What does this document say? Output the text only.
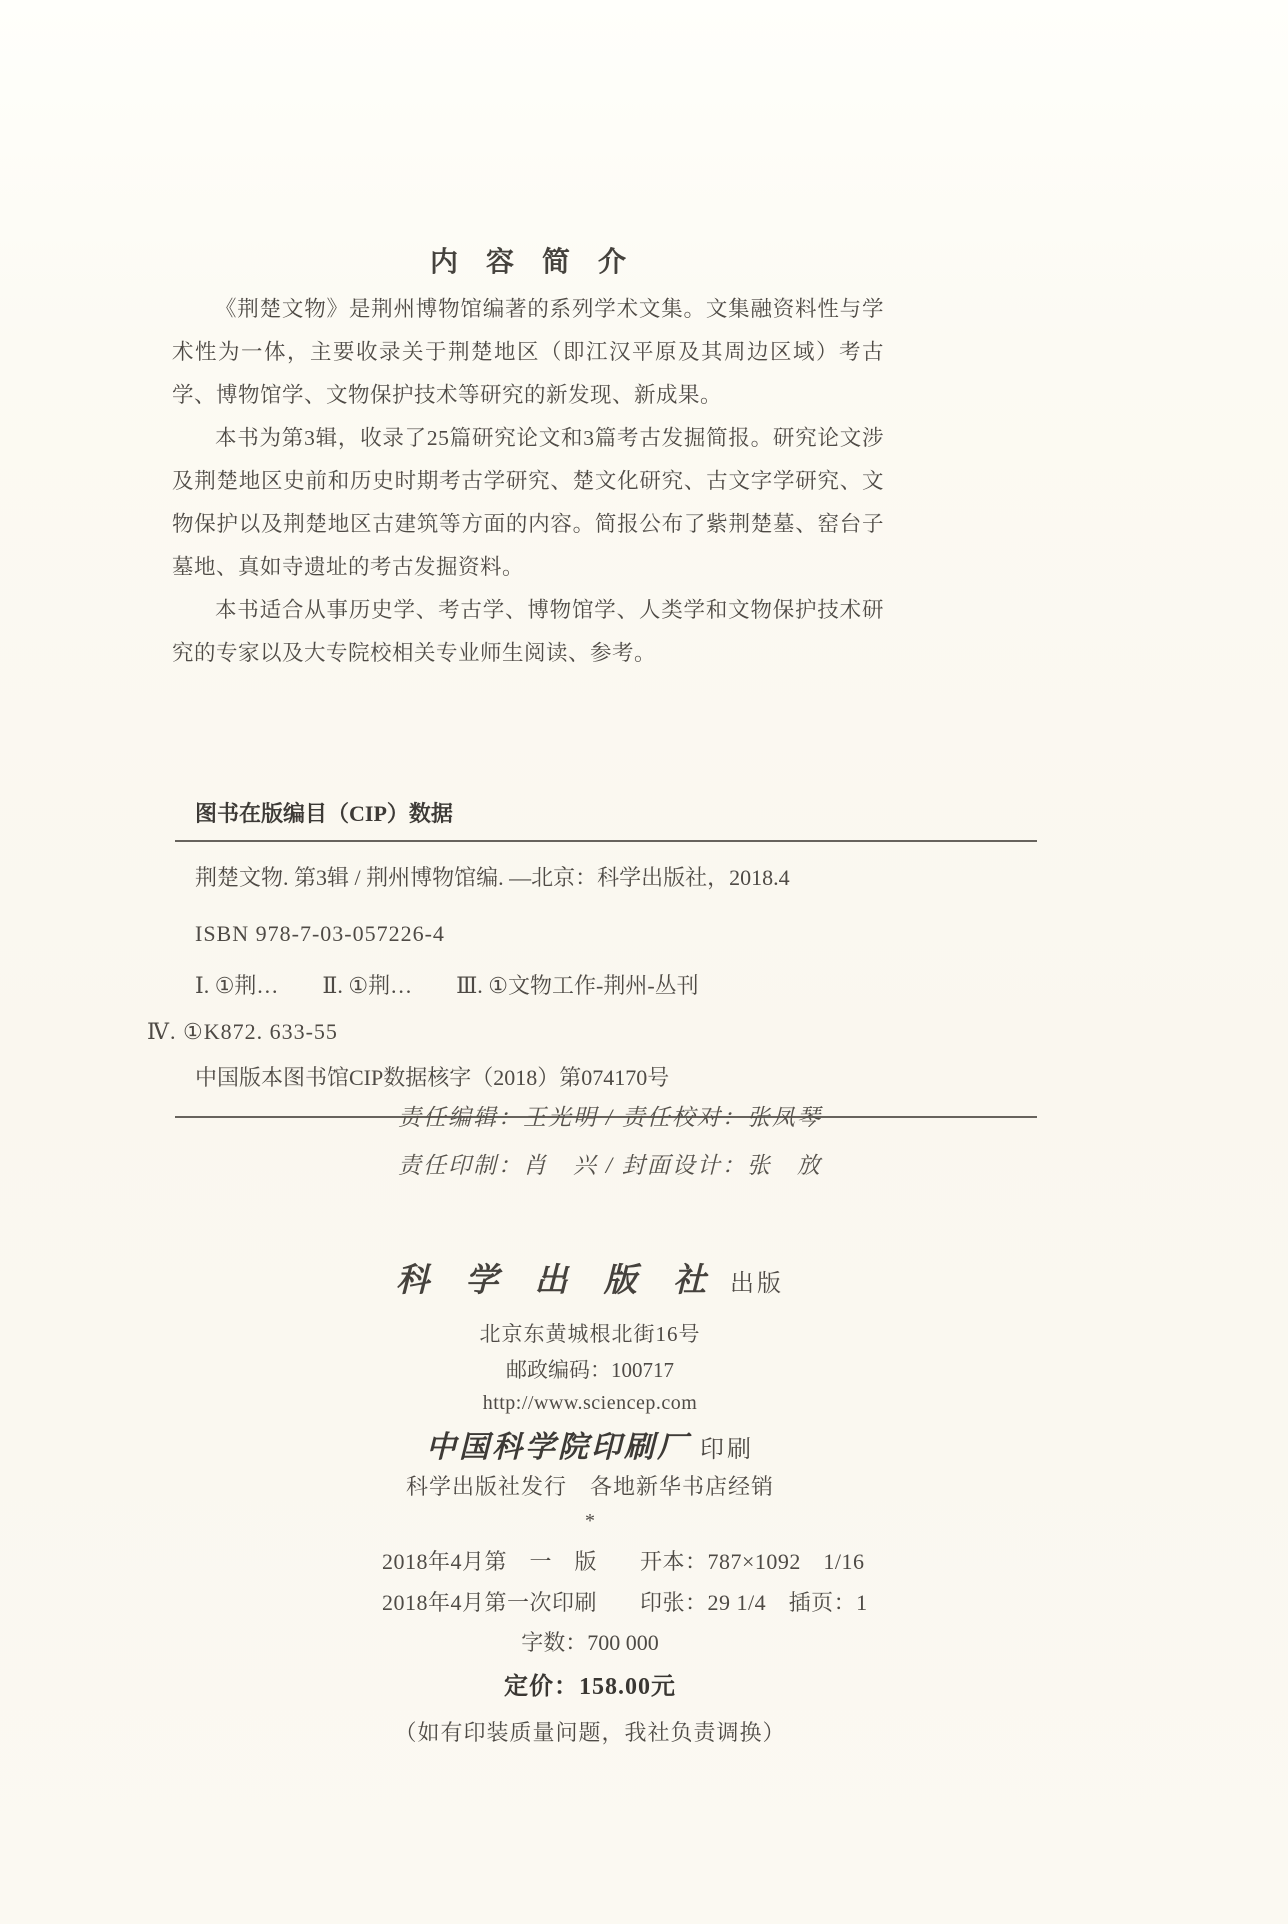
内　容　简　介

《荆楚文物》是荆州博物馆编著的系列学术文集。文集融资料性与学术性为一体，主要收录关于荆楚地区（即江汉平原及其周边区域）考古学、博物馆学、文物保护技术等研究的新发现、新成果。

本书为第3辑，收录了25篇研究论文和3篇考古发掘简报。研究论文涉及荆楚地区史前和历史时期考古学研究、楚文化研究、古文字学研究、文物保护以及荆楚地区古建筑等方面的内容。简报公布了紫荆楚墓、窑台子墓地、真如寺遗址的考古发掘资料。

本书适合从事历史学、考古学、博物馆学、人类学和文物保护技术研究的专家以及大专院校相关专业师生阅读、参考。

图书在版编目（CIP）数据

荆楚文物. 第3辑 / 荆州博物馆编. —北京：科学出版社，2018.4

ISBN 978-7-03-057226-4

Ⅰ. ①荆…　　Ⅱ. ①荆…　　Ⅲ. ①文物工作-荆州-丛刊

Ⅳ. ①K872. 633-55

中国版本图书馆CIP数据核字（2018）第074170号

责任编辑：王光明 / 责任校对：张凤琴

责任印制：肖　兴 / 封面设计：张　放

科 学 出 版 社 出版

北京东黄城根北街16号

邮政编码：100717

http://www.sciencep.com

中国科学院印刷厂 印刷

科学出版社发行　各地新华书店经销

*

2018年4月第　一　版	开本：787×1092　1/16
2018年4月第一次印刷	印张：29 1/4　插页：1

字数：700 000

定价：158.00元

（如有印装质量问题，我社负责调换）
